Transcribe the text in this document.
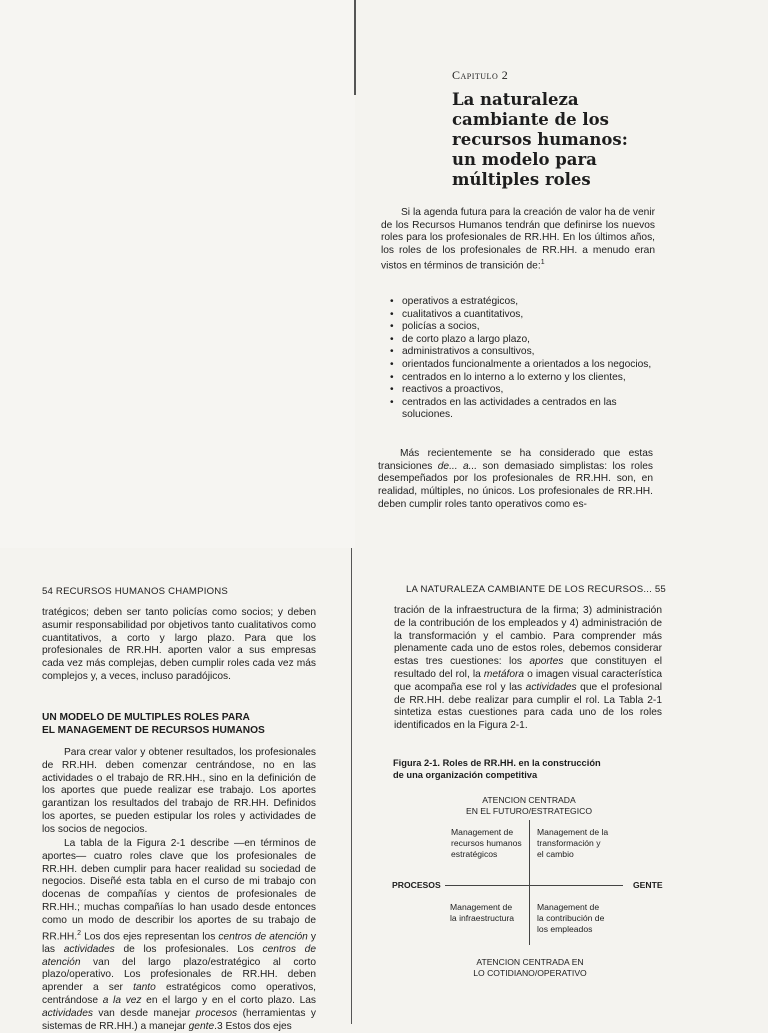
Capitulo 2
La naturaleza
cambiante de los
recursos humanos:
un modelo para
múltiples roles

Si la agenda futura para la creación de valor ha de venir de los Recursos Humanos tendrán que definirse los nuevos roles para los profesionales de RR.HH. En los últimos años, los roles de los profesionales de RR.HH. a menudo eran vistos en términos de transición de:$^1$

• operativos a estratégicos,
• cualitativos a cuantitativos,
• policías a socios,
• de corto plazo a largo plazo,
• administrativos a consultivos,
• orientados funcionalmente a orientados a los negocios,
• centrados en lo interno a lo externo y los clientes,
• reactivos a proactivos,
• centrados en las actividades a centrados en las soluciones.

Más recientemente se ha considerado que estas transiciones de... a... son demasiado simplistas: los roles desempeñados por los profesionales de RR.HH. son, en realidad, múltiples, no únicos. Los profesionales de RR.HH. deben cumplir roles tanto operativos como es-

54 RECURSOS HUMANOS CHAMPIONS

tratégicos; deben ser tanto policías como socios; y deben asumir responsabilidad por objetivos tanto cualitativos como cuantitativos, a corto y largo plazo. Para que los profesionales de RR.HH. aporten valor a sus empresas cada vez más complejas, deben cumplir roles cada vez más complejos y, a veces, incluso paradójicos.

UN MODELO DE MULTIPLES ROLES PARA
EL MANAGEMENT DE RECURSOS HUMANOS

Para crear valor y obtener resultados, los profesionales de RR.HH. deben comenzar centrándose, no en las actividades o el trabajo de RR.HH., sino en la definición de los aportes que puede realizar ese trabajo. Los aportes garantizan los resultados del trabajo de RR.HH. Definidos los aportes, se pueden estipular los roles y actividades de los socios de negocios.

La tabla de la Figura 2-1 describe —en términos de aportes— cuatro roles clave que los profesionales de RR.HH. deben cumplir para hacer realidad su sociedad de negocios. Diseñé esta tabla en el curso de mi trabajo con docenas de compañías y cientos de profesionales de RR.HH.; muchas compañías lo han usado desde entonces como un modo de describir los aportes de su trabajo de RR.HH.$^2$ Los dos ejes representan los centros de atención y las actividades de los profesionales. Los centros de atención van del largo plazo/estratégico al corto plazo/operativo. Los profesionales de RR.HH. deben aprender a ser tanto estratégicos como operativos, centrándose a la vez en el largo y en el corto plazo. Las actividades van desde manejar procesos (herramientas y sistemas de RR.HH.) a manejar gente.3 Estos dos ejes

LA NATURALEZA CAMBIANTE DE LOS RECURSOS... 55

tración de la infraestructura de la firma; 3) administración de la contribución de los empleados y 4) administración de la transformación y el cambio. Para comprender más plenamente cada uno de estos roles, debemos considerar estas tres cuestiones: los aportes que constituyen el resultado del rol, la metáfora o imagen visual característica que acompaña ese rol y las actividades que el profesional de RR.HH. debe realizar para cumplir el rol. La Tabla 2-1 sintetiza estas cuestiones para cada uno de los roles identificados en la Figura 2-1.

Figura 2-1. Roles de RR.HH. en la construcción
de una organización competitiva

ATENCION CENTRADA
EN EL FUTURO/ESTRATEGICO
PROCESOS	GENTE
Management de
recursos humanos
estratégicos
Management de la
transformación y
el cambio
Management de
la infraestructura
Management de
la contribución de
los empleados
ATENCION CENTRADA EN
LO COTIDIANO/OPERATIVO
